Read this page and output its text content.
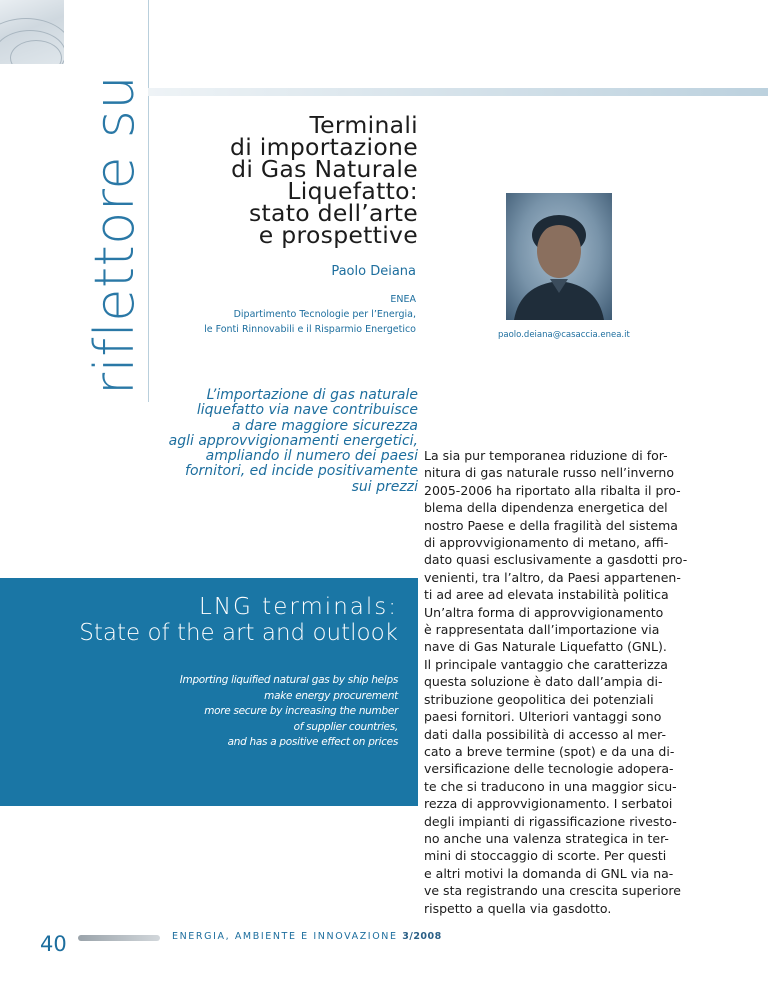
riflettore su	Terminali
di importazione
di Gas Naturale
Liquefatto:
stato dell’arte
e prospettive
Paolo Deiana
ENEA
Dipartimento Tecnologie per l’Energia,
le Fonti Rinnovabili e il Risparmio Energetico	paolo.deiana@casaccia.enea.it
L’importazione di gas naturale
liquefatto via nave contribuisce
a dare maggiore sicurezza
agli approvvigionamenti energetici,
ampliando il numero dei paesi
fornitori, ed incide positivamente
sui prezzi
LNG terminals:
State of the art and outlook
Importing liquified natural gas by ship helps
make energy procurement
more secure by increasing the number
of supplier countries,
and has a positive effect on prices
La sia pur temporanea riduzione di for-
nitura di gas naturale russo nell’inverno
2005-2006 ha riportato alla ribalta il pro-
blema della dipendenza energetica del
nostro Paese e della fragilità del sistema
di approvvigionamento di metano, affi-
dato quasi esclusivamente a gasdotti pro-
venienti, tra l’altro, da Paesi appartenen-
ti ad aree ad elevata instabilità politica
Un’altra forma di approvvigionamento
è rappresentata dall’importazione via
nave di Gas Naturale Liquefatto (GNL).
Il principale vantaggio che caratterizza
questa soluzione è dato dall’ampia di-
stribuzione geopolitica dei potenziali
paesi fornitori. Ulteriori vantaggi sono
dati dalla possibilità di accesso al mer-
cato a breve termine (spot) e da una di-
versificazione delle tecnologie adopera-
te che si traducono in una maggior sicu-
rezza di approvvigionamento. I serbatoi
degli impianti di rigassificazione rivesto-
no anche una valenza strategica in ter-
mini di stoccaggio di scorte. Per questi
e altri motivi la domanda di GNL via na-
ve sta registrando una crescita superiore
rispetto a quella via gasdotto.
40	ENERGIA, AMBIENTE E INNOVAZIONE 3/2008
